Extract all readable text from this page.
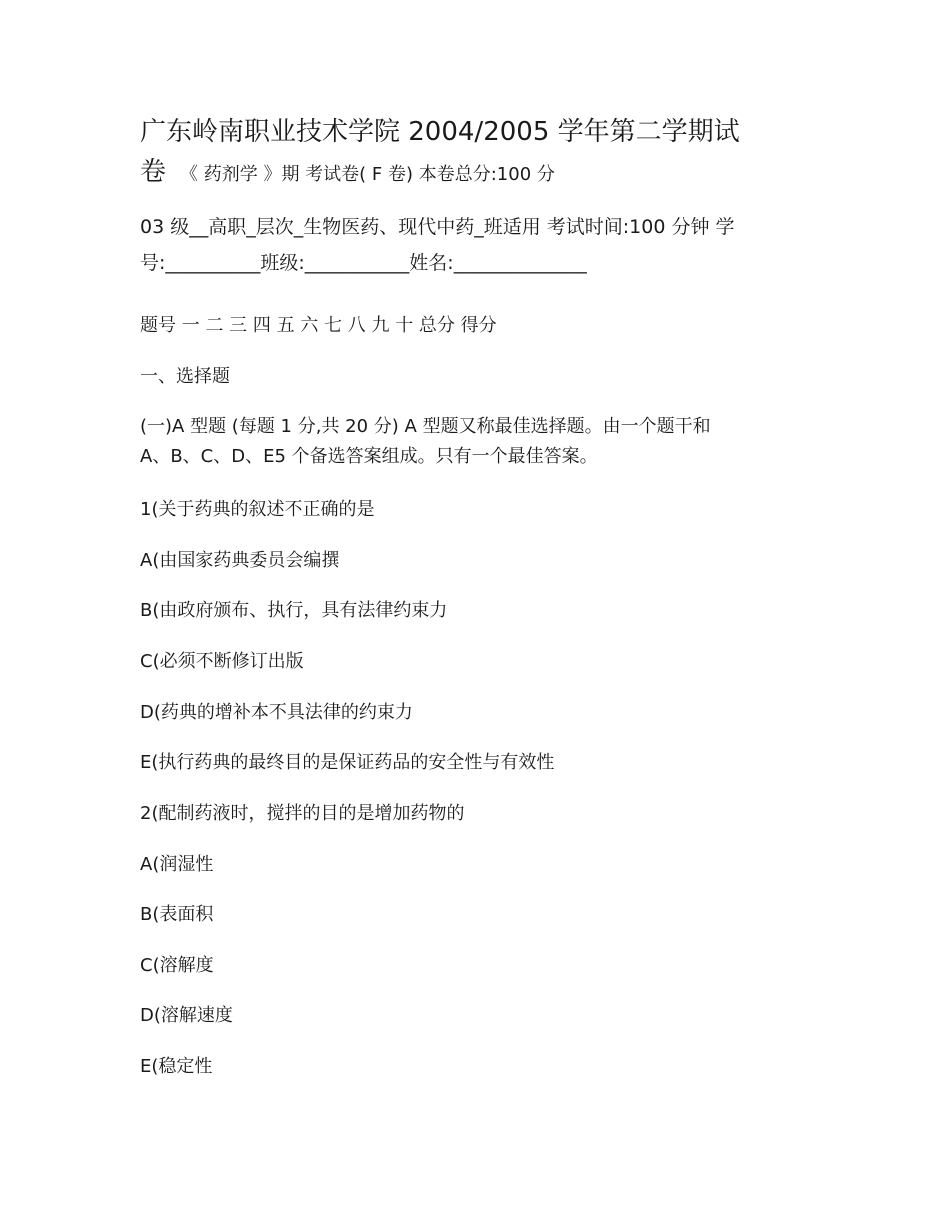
广东岭南职业技术学院 2004/2005 学年第二学期试

卷 《 药剂学 》期 考试卷( F 卷) 本卷总分:100 分

03 级__高职_层次_生物医药、现代中药_班适用 考试时间:100 分钟 学

号:__________班级:___________姓名:______________

题号 一 二 三 四 五 六 七 八 九 十 总分 得分

一、选择题

(一)A 型题 (每题 1 分,共 20 分) A 型题又称最佳选择题。由一个题干和

A、B、C、D、E5 个备选答案组成。只有一个最佳答案。

1(关于药典的叙述不正确的是

A(由国家药典委员会编撰

B(由政府颁布、执行，具有法律约束力

C(必须不断修订出版

D(药典的增补本不具法律的约束力

E(执行药典的最终目的是保证药品的安全性与有效性

2(配制药液时，搅拌的目的是增加药物的

A(润湿性

B(表面积

C(溶解度

D(溶解速度

E(稳定性
